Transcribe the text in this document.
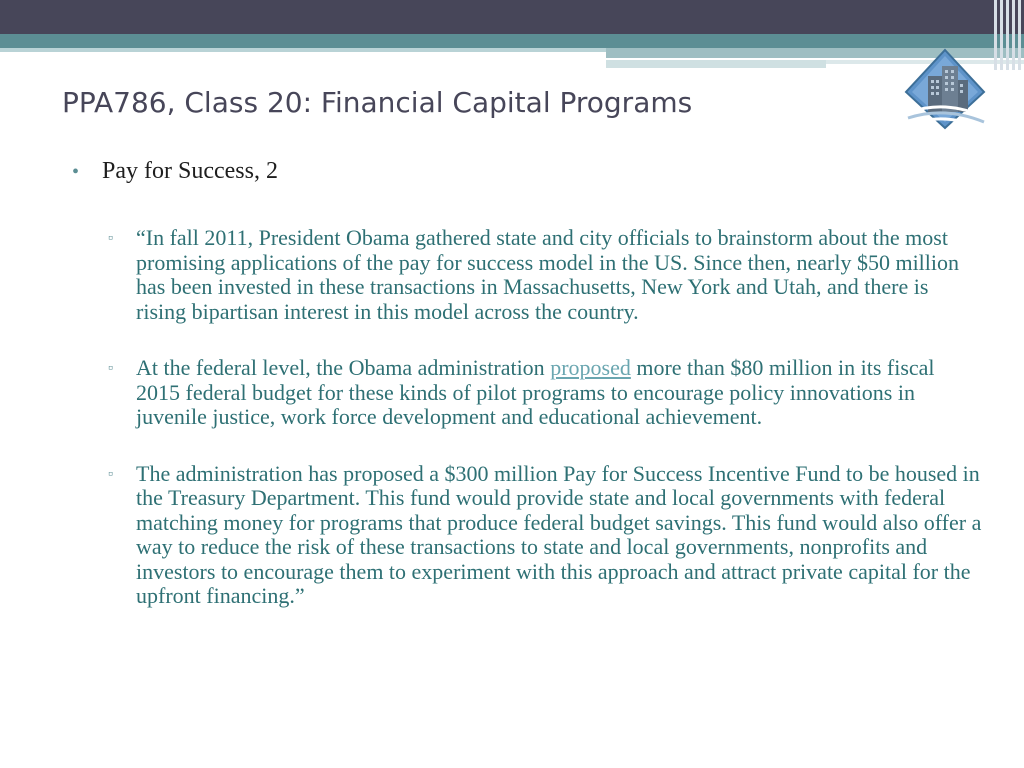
PPA786, Class 20: Financial Capital Programs
• Pay for Success, 2
▫ “In fall 2011, President Obama gathered state and city officials to brainstorm about the most promising applications of the pay for success model in the US. Since then, nearly $50 million has been invested in these transactions in Massachusetts, New York and Utah, and there is rising bipartisan interest in this model across the country.
▫ At the federal level, the Obama administration proposed more than $80 million in its fiscal 2015 federal budget for these kinds of pilot programs to encourage policy innovations in juvenile justice, work force development and educational achievement.
▫ The administration has proposed a $300 million Pay for Success Incentive Fund to be housed in the Treasury Department. This fund would provide state and local governments with federal matching money for programs that produce federal budget savings. This fund would also offer a way to reduce the risk of these transactions to state and local governments, nonprofits and investors to encourage them to experiment with this approach and attract private capital for the upfront financing.”
